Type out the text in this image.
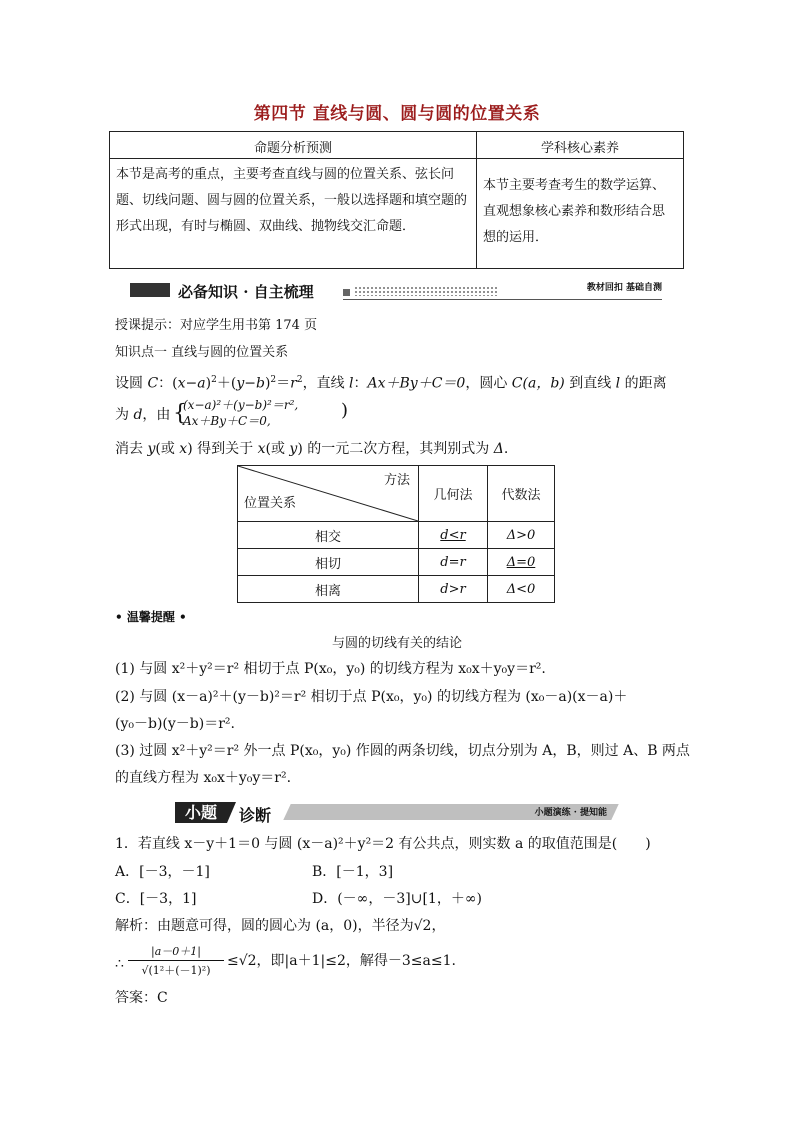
第四节 直线与圆、圆与圆的位置关系
命题分析预测	学科核心素养
本节是高考的重点，主要考查直线与圆的位置关系、弦长问题、切线问题、圆与圆的位置关系，一般以选择题和填空题的形式出现，有时与椭圆、双曲线、抛物线交汇命题．
本节主要考查考生的数学运算、直观想象核心素养和数形结合思想的运用．
必备知识 · 自主梳理	教材回扣 基础自测
授课提示：对应学生用书第 174 页
知识点一 直线与圆的位置关系
设圆 C：$(x-a)^2+(y-b)^2=r^2$，直线 l：Ax＋By＋C＝0，圆心 C(a，b) 到直线 l 的距离
为 d，由 {
(x−a)²＋(y−b)²＝r²,
Ax＋By＋C＝0,	)
消去 y(或 x) 得到关于 x(或 y) 的一元二次方程，其判别式为 Δ.
方法
位置关系	几何法	代数法
相交	d<r	Δ>0
相切	d=r	Δ=0
相离	d>r	Δ<0
• 温馨提醒 •
与圆的切线有关的结论
(1) 与圆 x²＋y²＝r² 相切于点 P(x₀，y₀) 的切线方程为 x₀x＋y₀y＝r².
(2) 与圆 (x－a)²＋(y－b)²＝r² 相切于点 P(x₀，y₀) 的切线方程为 (x₀－a)(x－a)＋
(y₀－b)(y－b)＝r².
(3) 过圆 x²＋y²＝r² 外一点 P(x₀，y₀) 作圆的两条切线，切点分别为 A，B，则过 A、B 两点
的直线方程为 x₀x＋y₀y＝r².
小题	诊断	小题演练 · 提知能
1．若直线 x－y＋1＝0 与圆 (x－a)²＋y²＝2 有公共点，则实数 a 的取值范围是(　　)
A．[－3，－1]	B．[－1，3]
C．[－3，1]	D．(－∞，－3]∪[1，＋∞)
解析：由题意可得，圆的圆心为 (a，0)，半径为√2，
∴
|a－0＋1|
√(1²＋(－1)²)
≤√2，即|a＋1|≤2，解得－3≤a≤1.
答案：C
